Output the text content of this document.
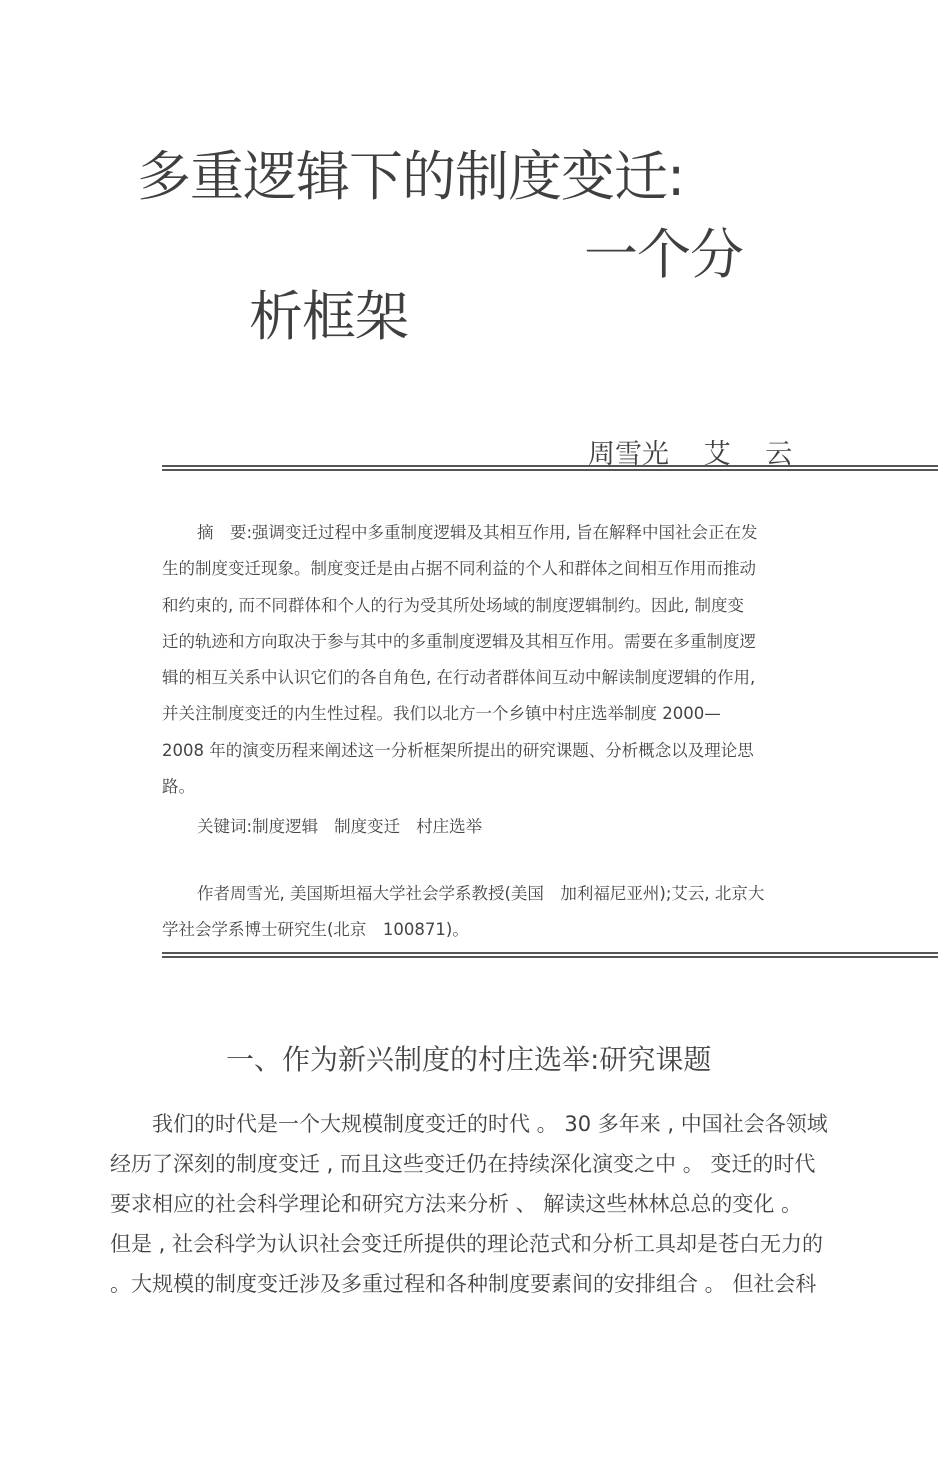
多重逻辑下的制度变迁:
一个分
析框架
周雪光 艾 云
摘　要:强调变迁过程中多重制度逻辑及其相互作用, 旨在解释中国社会正在发
生的制度变迁现象。制度变迁是由占据不同利益的个人和群体之间相互作用而推动
和约束的, 而不同群体和个人的行为受其所处场域的制度逻辑制约。因此, 制度变
迁的轨迹和方向取决于参与其中的多重制度逻辑及其相互作用。需要在多重制度逻
辑的相互关系中认识它们的各自角色, 在行动者群体间互动中解读制度逻辑的作用,
并关注制度变迁的内生性过程。我们以北方一个乡镇中村庄选举制度 2000—
2008 年的演变历程来阐述这一分析框架所提出的研究课题、分析概念以及理论思
路。
关键词:制度逻辑 制度变迁 村庄选举
作者周雪光, 美国斯坦福大学社会学系教授(美国　加利福尼亚州);艾云, 北京大
学社会学系博士研究生(北京　100871)。
一、作为新兴制度的村庄选举:研究课题
我们的时代是一个大规模制度变迁的时代 。 30 多年来 , 中国社会各领域
经历了深刻的制度变迁 , 而且这些变迁仍在持续深化演变之中 。 变迁的时代
要求相应的社会科学理论和研究方法来分析 、 解读这些林林总总的变化 。
但是 , 社会科学为认识社会变迁所提供的理论范式和分析工具却是苍白无力的
。大规模的制度变迁涉及多重过程和各种制度要素间的安排组合 。 但社会科
